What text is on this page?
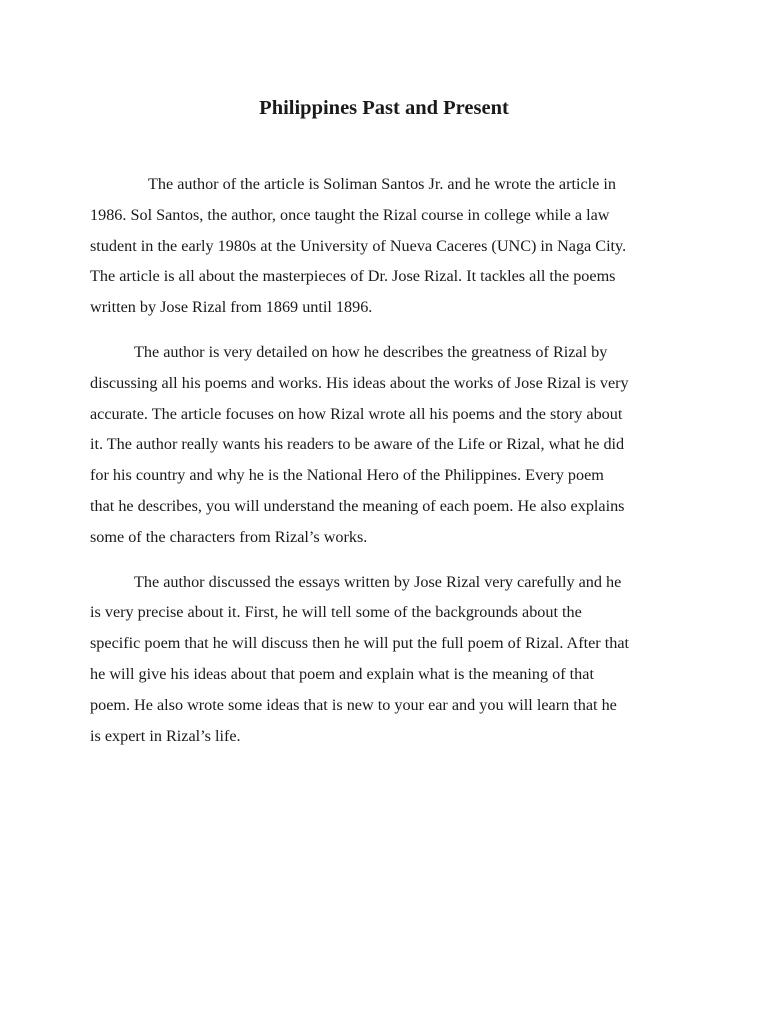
Philippines Past and Present

The author of the article is Soliman Santos Jr. and he wrote the article in
1986. Sol Santos, the author, once taught the Rizal course in college while a law
student in the early 1980s at the University of Nueva Caceres (UNC) in Naga City.
The article is all about the masterpieces of Dr. Jose Rizal. It tackles all the poems
written by Jose Rizal from 1869 until 1896.

The author is very detailed on how he describes the greatness of Rizal by
discussing all his poems and works. His ideas about the works of Jose Rizal is very
accurate. The article focuses on how Rizal wrote all his poems and the story about
it. The author really wants his readers to be aware of the Life or Rizal, what he did
for his country and why he is the National Hero of the Philippines. Every poem
that he describes, you will understand the meaning of each poem. He also explains
some of the characters from Rizal’s works.

The author discussed the essays written by Jose Rizal very carefully and he
is very precise about it. First, he will tell some of the backgrounds about the
specific poem that he will discuss then he will put the full poem of Rizal. After that
he will give his ideas about that poem and explain what is the meaning of that
poem. He also wrote some ideas that is new to your ear and you will learn that he
is expert in Rizal’s life.
